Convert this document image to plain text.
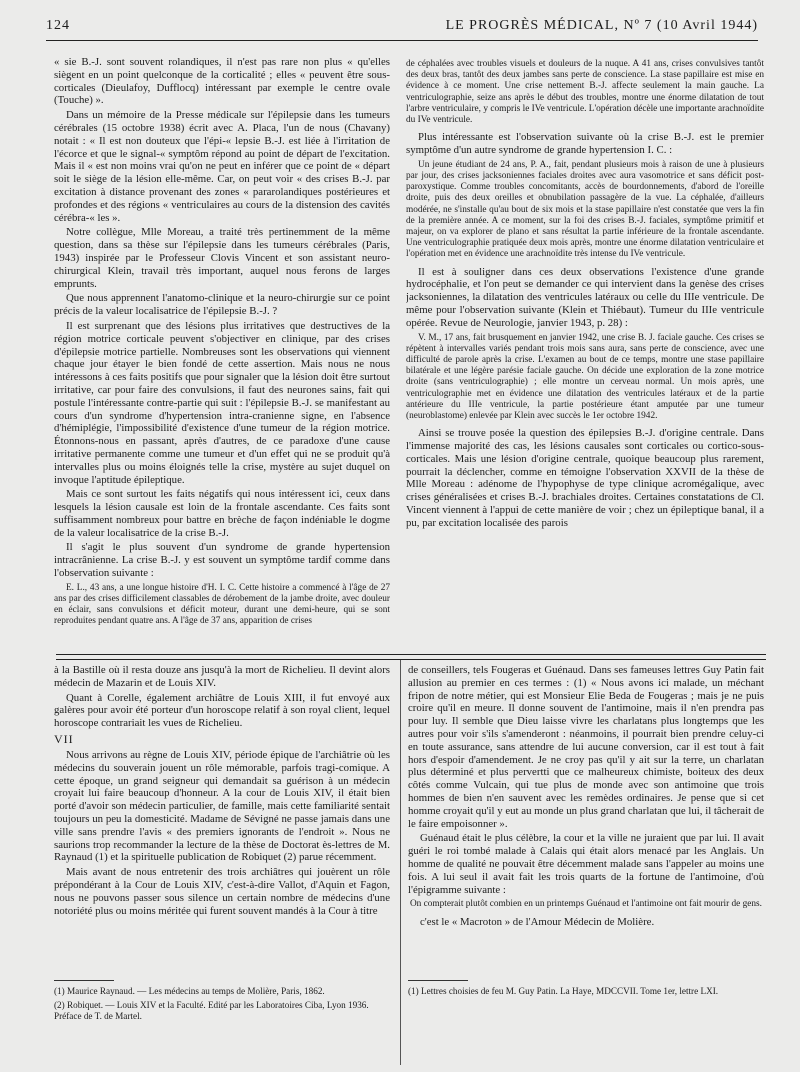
124	LE PROGRÈS MÉDICAL, Nº 7 (10 Avril 1944)

« sie B.-J. sont souvent rolandiques, il n'est pas rare non plus « qu'elles siègent en un point quelconque de la corticalité ; elles « peuvent être sous-corticales (Dieulafoy, Dufflocq) intéressant par exemple le centre ovale (Touche) ».

Dans un mémoire de la Presse médicale sur l'épilepsie dans les tumeurs cérébrales (15 octobre 1938) écrit avec A. Placa, l'un de nous (Chavany) notait : « Il est non douteux que l'épi-« lepsie B.-J. est liée à l'irritation de l'écorce et que le signal-« symptôm répond au point de départ de l'excitation. Mais il « est non moins vrai qu'on ne peut en inférer que ce point de « départ soit le siège de la lésion elle-même. Car, on peut voir « des crises B.-J. par excitation à distance provenant des zones « pararolandiques postérieures et profondes et des régions « ventriculaires au cours de la distension des cavités cérébra-« les ».

Notre collègue, Mlle Moreau, a traité très pertinemment de la même question, dans sa thèse sur l'épilepsie dans les tumeurs cérébrales (Paris, 1943) inspirée par le Professeur Clovis Vincent et son assistant neuro-chirurgical Klein, travail très important, auquel nous ferons de larges emprunts.

Que nous apprennent l'anatomo-clinique et la neuro-chirurgie sur ce point précis de la valeur localisatrice de l'épilepsie B.-J. ?

Il est surprenant que des lésions plus irritatives que destructives de la région motrice corticale peuvent s'objectiver en clinique, par des crises d'épilepsie motrice partielle. Nombreuses sont les observations qui viennent chaque jour étayer le bien fondé de cette assertion. Mais nous ne nous intéressons à ces faits positifs que pour signaler que la lésion doit être surtout irritative, car pour faire des convulsions, il faut des neurones sains, fait qui postule l'intéressante contre-partie qui suit : l'épilepsie B.-J. se manifestant au cours d'un syndrome d'hypertension intra-cranienne signe, en l'absence d'hémiplégie, l'impossibilité d'existence d'une tumeur de la région motrice. Étonnons-nous en passant, après d'autres, de ce paradoxe d'une cause irritative permanente comme une tumeur et d'un effet qui ne se produit qu'à intervalles plus ou moins éloignés telle la crise, mystère au sujet duquel on invoque l'aptitude épileptique.

Mais ce sont surtout les faits négatifs qui nous intéressent ici, ceux dans lesquels la lésion causale est loin de la frontale ascendante. Ces faits sont suffisamment nombreux pour battre en brèche de façon indéniable le dogme de la valeur localisatrice de la crise B.-J.

Il s'agit le plus souvent d'un syndrome de grande hypertension intracrânienne. La crise B.-J. y est souvent un symptôme tardif comme dans l'observation suivante :

E. L., 43 ans, a une longue histoire d'H. I. C. Cette histoire a commencé à l'âge de 27 ans par des crises difficilement classables de dérobement de la jambe droite, avec douleur en éclair, sans convulsions et déficit moteur, durant une demi-heure, qui se sont reproduites pendant quatre ans. A l'âge de 37 ans, apparition de crises

de céphalées avec troubles visuels et douleurs de la nuque. A 41 ans, crises convulsives tantôt des deux bras, tantôt des deux jambes sans perte de conscience. La stase papillaire est mise en évidence à ce moment. Une crise nettement B.-J. affecte seulement la main gauche. La ventriculographie, seize ans après le début des troubles, montre une énorme dilatation de tout l'arbre ventriculaire, y compris le IVe ventricule. L'opération décèle une importante arachnoïdite du IVe ventricule.

Plus intéressante est l'observation suivante où la crise B.-J. est le premier symptôme d'un autre syndrome de grande hypertension I. C. :

Un jeune étudiant de 24 ans, P. A., fait, pendant plusieurs mois à raison de une à plusieurs par jour, des crises jacksoniennes faciales droites avec aura vasomotrice et sans déficit post-paroxystique. Comme troubles concomitants, accès de bourdonnements, d'abord de l'oreille droite, puis des deux oreilles et obnubilation passagère de la vue. La céphalée, d'ailleurs modérée, ne s'installe qu'au bout de six mois et la stase papillaire n'est constatée que vers la fin de la première année. A ce moment, sur la foi des crises B.-J. faciales, symptôme primitif et majeur, on va explorer de plano et sans résultat la partie inférieure de la frontale ascendante. Une ventriculographie pratiquée deux mois après, montre une énorme dilatation ventriculaire et l'opération met en évidence une arachnoïdite très intense du IVe ventricule.

Il est à souligner dans ces deux observations l'existence d'une grande hydrocéphalie, et l'on peut se demander ce qui intervient dans la genèse des crises jacksoniennes, la dilatation des ventricules latéraux ou celle du IIIe ventricule. De même pour l'observation suivante (Klein et Thiébaut). Tumeur du IIIe ventricule opérée. Revue de Neurologie, janvier 1943, p. 28) :

V. M., 17 ans, fait brusquement en janvier 1942, une crise B. J. faciale gauche. Ces crises se répètent à intervalles variés pendant trois mois sans aura, sans perte de conscience, avec une difficulté de parole après la crise. L'examen au bout de ce temps, montre une stase papillaire bilatérale et une légère parésie faciale gauche. On décide une exploration de la zone motrice droite (sans ventriculographie) ; elle montre un cerveau normal. Un mois après, une ventriculographie met en évidence une dilatation des ventricules latéraux et de la partie antérieure du IIIe ventricule, la partie postérieure étant amputée par une tumeur (neuroblastome) enlevée par Klein avec succès le 1er octobre 1942.

Ainsi se trouve posée la question des épilepsies B.-J. d'origine centrale. Dans l'immense majorité des cas, les lésions causales sont corticales ou cortico-sous-corticales. Mais une lésion d'origine centrale, quoique beaucoup plus rarement, pourrait la déclencher, comme en témoigne l'observation XXVII de la thèse de Mlle Moreau : adénome de l'hypophyse de type clinique acromégalique, avec crises généralisées et crises B.-J. brachiales droites. Certaines constatations de Cl. Vincent viennent à l'appui de cette manière de voir ; chez un épileptique banal, il a pu, par excitation localisée des parois

à la Bastille où il resta douze ans jusqu'à la mort de Richelieu. Il devint alors médecin de Mazarin et de Louis XIV.

Quant à Corelle, également archiâtre de Louis XIII, il fut envoyé aux galères pour avoir été porteur d'un horoscope relatif à son royal client, lequel horoscope contrariait les vues de Richelieu.

VII

Nous arrivons au règne de Louis XIV, période épique de l'archiâtrie où les médecins du souverain jouent un rôle mémorable, parfois tragi-comique. A cette époque, un grand seigneur qui demandait sa guérison à un médecin croyait lui faire beaucoup d'honneur. A la cour de Louis XIV, il était bien porté d'avoir son médecin particulier, de famille, mais cette familiarité sentait toujours un peu la domesticité. Madame de Sévigné ne passe jamais dans une ville sans prendre l'avis « des premiers ignorants de l'endroit ». Nous ne saurions trop recommander la lecture de la thèse de Doctorat ès-lettres de M. Raynaud (1) et la spirituelle publication de Robiquet (2) parue récemment.

Mais avant de nous entretenir des trois archiâtres qui jouèrent un rôle prépondérant à la Cour de Louis XIV, c'est-à-dire Vallot, d'Aquin et Fagon, nous ne pouvons passer sous silence un certain nombre de médecins d'une notoriété plus ou moins méritée qui furent souvent mandés à la Cour à titre

de conseillers, tels Fougeras et Guénaud. Dans ses fameuses lettres Guy Patin fait allusion au premier en ces termes : (1) « Nous avons ici malade, un méchant fripon de notre métier, qui est Monsieur Elie Beda de Fougeras ; mais je ne puis croire qu'il en meure. Il donne souvent de l'antimoine, mais il n'en prendra pas pour luy. Il semble que Dieu laisse vivre les charlatans plus longtemps que les autres pour voir s'ils s'amenderont : néanmoins, il pourrait bien prendre celuy-ci en toute assurance, sans attendre de lui aucune conversion, car il est tout à fait hors d'espoir d'amendement. Je ne croy pas qu'il y ait sur la terre, un charlatan plus déterminé et plus pervertti que ce malheureux chimiste, boiteux des deux côtés comme Vulcain, qui tue plus de monde avec son antimoine que trois hommes de bien n'en sauvent avec les remèdes ordinaires. Je pense que si cet homme croyait qu'il y eut au monde un plus grand charlatan que lui, il tâcherait de le faire empoisonner ».

Guénaud était le plus célèbre, la cour et la ville ne juraient que par lui. Il avait guéri le roi tombé malade à Calais qui était alors menacé par les Anglais. Un homme de qualité ne pouvait être décemment malade sans l'appeler au moins une fois. A lui seul il avait fait les trois quarts de la fortune de l'antimoine, d'où l'épigramme suivante :

On compterait plutôt combien en un printemps Guénaud et l'antimoine ont fait mourir de gens.

c'est le « Macroton » de l'Amour Médecin de Molière.

(1) Maurice Raynaud. — Les médecins au temps de Molière, Paris, 1862.
(2) Robiquet. — Louis XIV et la Faculté. Edité par les Laboratoires Ciba, Lyon 1936. Préface de T. de Martel.
(1) Lettres choisies de feu M. Guy Patin. La Haye, MDCCVII. Tome 1er, lettre LXI.
